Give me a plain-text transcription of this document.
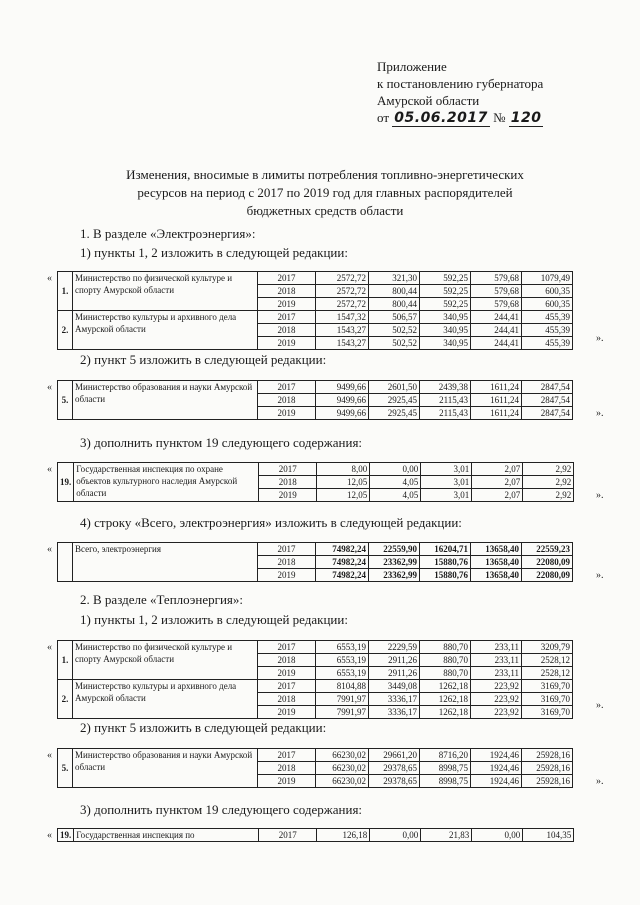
Приложение
к постановлению губернатора
Амурской области
от 05.06.2017 № 120
Изменения, вносимые в лимиты потребления топливно-энергетических
ресурсов на период с 2017 по 2019 год для главных распорядителей
бюджетных средств области
1. В разделе «Электроэнергия»:
1) пункты 1, 2 изложить в следующей редакции:
«
1.	Министерство по физической культуре и спорту Амурской области	2017	2572,72	321,30	592,25	579,68	1079,49
		2018	2572,72	800,44	592,25	579,68	600,35
		2019	2572,72	800,44	592,25	579,68	600,35
2.	Министерство культуры и архивного дела Амурской области	2017	1547,32	506,57	340,95	244,41	455,39
		2018	1543,27	502,52	340,95	244,41	455,39
		2019	1543,27	502,52	340,95	244,41	455,39	».
2) пункт 5 изложить в следующей редакции:
«
5.	Министерство образования и науки Амурской области	2017	9499,66	2601,50	2439,38	1611,24	2847,54
		2018	9499,66	2925,45	2115,43	1611,24	2847,54
		2019	9499,66	2925,45	2115,43	1611,24	2847,54	».
3) дополнить пунктом 19 следующего содержания:
«
19.	Государственная инспекция по охране объектов культурного наследия Амурской области	2017	8,00	0,00	3,01	2,07	2,92
		2018	12,05	4,05	3,01	2,07	2,92
		2019	12,05	4,05	3,01	2,07	2,92 ».
4) строку «Всего, электроэнергия» изложить в следующей редакции:
«
		Всего, электроэнергия	2017	74982,24	22559,90	16204,71	13658,40	22559,23
		2018	74982,24	23362,99	15880,76	13658,40	22080,09
		2019	74982,24	23362,99	15880,76	13658,40	22080,09	».
2. В разделе «Теплоэнергия»:
1) пункты 1, 2 изложить в следующей редакции:
«
1.	Министерство по физической культуре и спорту Амурской области	2017	6553,19	2229,59	880,70	233,11	3209,79
		2018	6553,19	2911,26	880,70	233,11	2528,12
		2019	6553,19	2911,26	880,70	233,11	2528,12
2.	Министерство культуры и архивного дела Амурской области	2017	8104,88	3449,08	1262,18	223,92	3169,70
		2018	7991,97	3336,17	1262,18	223,92	3169,70
		2019	7991,97	3336,17	1262,18	223,92	3169,70
».
2) пункт 5 изложить в следующей редакции:
«
5.	Министерство образования и науки Амурской области	2017	66230,02	29661,20	8716,20	1924,46	25928,16
		2018	66230,02	29378,65	8998,75	1924,46	25928,16
		2019	66230,02	29378,65	8998,75	1924,46	25928,16	».
3) дополнить пунктом 19 следующего содержания:
« 19.	Государственная инспекция по	2017	126,18	0,00	21,83	0,00	104,35
